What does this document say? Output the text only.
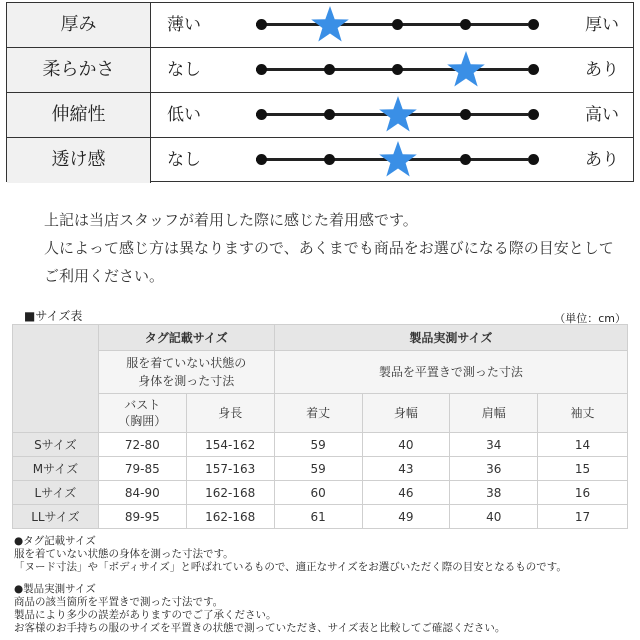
厚み	薄い	厚い
柔らかさ	なし	あり
伸縮性	低い	高い
透け感	なし	あり

上記は当店スタッフが着用した際に感じた着用感です。

人によって感じ方は異なりますので、あくまでも商品をお選びになる際の目安として

ご利用ください。

■サイズ表	（単位：cm）
	タグ記載サイズ		製品実測サイズ			

	服を着ていない状態の身体を測った寸法		製品を平置きで測った寸法			
	バスト
（胸囲）	身長	着丈	身幅	肩幅	袖丈
Sサイズ	72-80	154-162	59	40	34	14
Mサイズ	79-85	157-163	59	43	36	15
Lサイズ	84-90	162-168	60	46	38	16
LLサイズ	89-95	162-168	61	49	40	17

●タグ記載サイズ

服を着ていない状態の身体を測った寸法です。

「ヌード寸法」や「ボディサイズ」と呼ばれているもので、適正なサイズをお選びいただく際の目安となるものです。

●製品実測サイズ

商品の該当箇所を平置きで測った寸法です。

製品により多少の誤差がありますのでご了承ください。

お客様のお手持ちの服のサイズを平置きの状態で測っていただき、サイズ表と比較してご確認ください。
